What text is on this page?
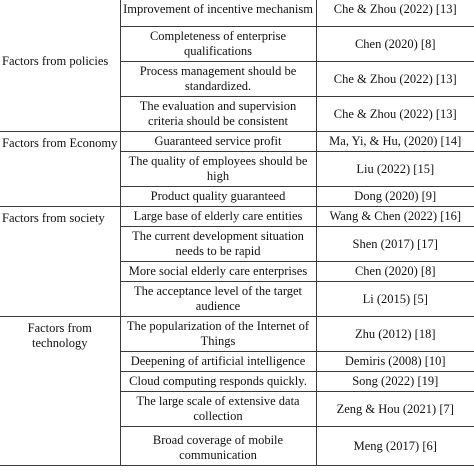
Factors from policies	Improvement of incentive mechanism	Che & Zhou (2022) [13]
	Completeness of enterprise qualifications	Chen (2020) [8]
	Process management should be standardized.	Che & Zhou (2022) [13]
	The evaluation and supervision criteria should be consistent	Che & Zhou (2022) [13]
Factors from Economy	Guaranteed service profit	Ma, Yi, & Hu, (2020) [14]
	The quality of employees should be high	Liu (2022) [15]
	Product quality guaranteed	Dong (2020) [9]
Factors from society	Large base of elderly care entities	Wang & Chen (2022) [16]
	The current development situation needs to be rapid	Shen (2017) [17]
	More social elderly care enterprises	Chen (2020) [8]
	The acceptance level of the target audience	Li (2015) [5]
Factors from technology	The popularization of the Internet of Things	Zhu (2012) [18]
	Deepening of artificial intelligence	Demiris (2008) [10]
	Cloud computing responds quickly.	Song (2022) [19]
	The large scale of extensive data collection	Zeng & Hou (2021) [7]
	Broad coverage of mobile communication	Meng (2017) [6]
